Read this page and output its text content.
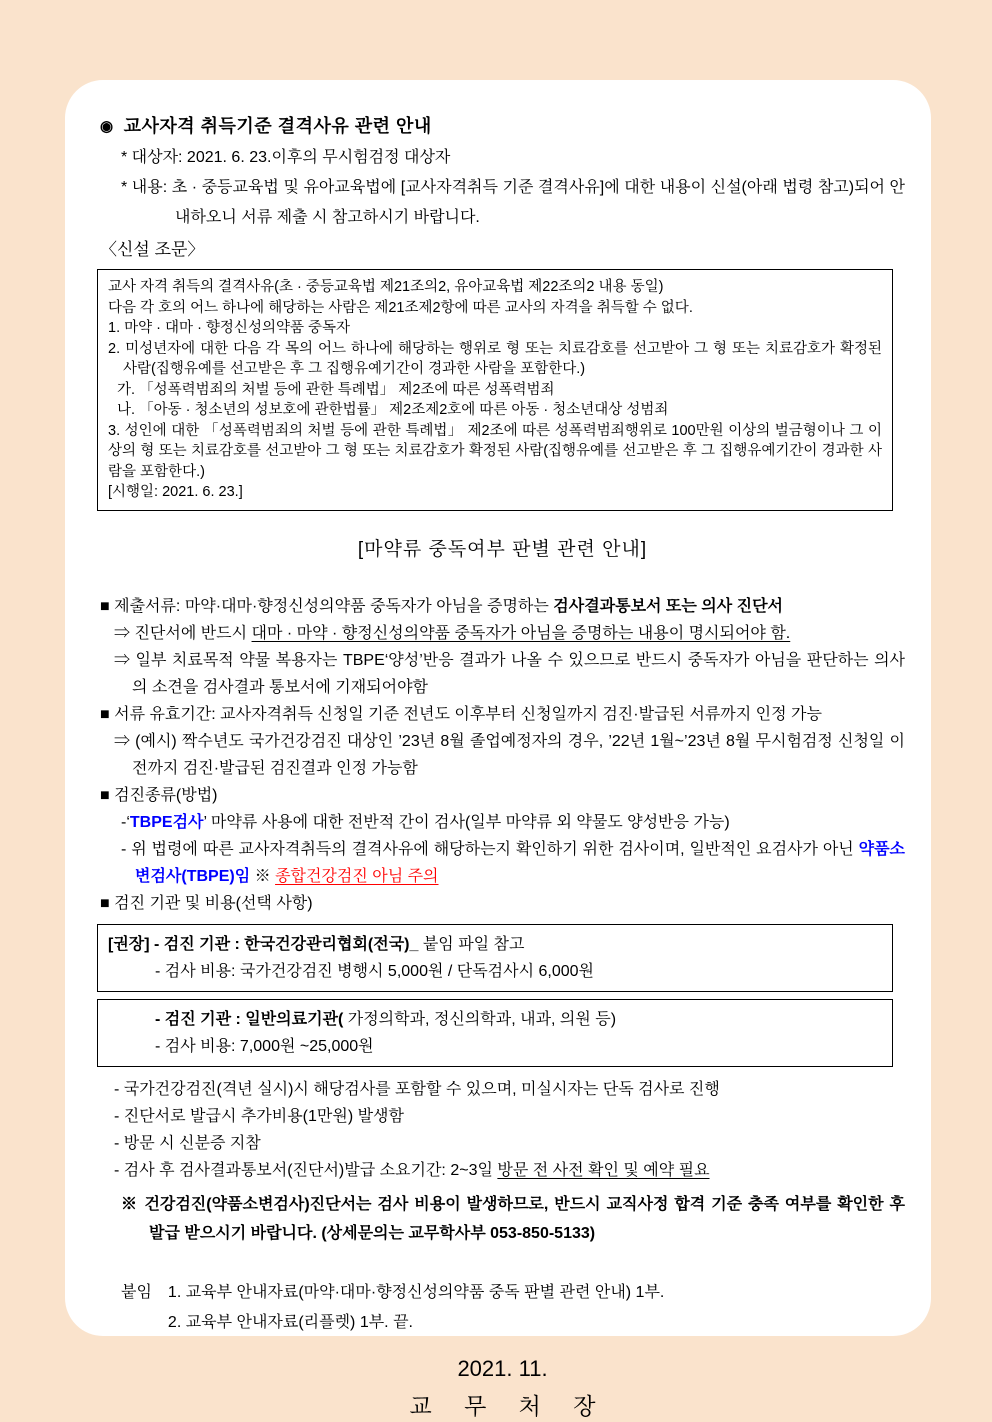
◉ 교사자격 취득기준 결격사유 관련 안내

* 대상자: 2021. 6. 23.이후의 무시험검정 대상자

* 내용: 초 · 중등교육법 및 유아교육법에 [교사자격취득 기준 결격사유]에 대한 내용이 신설(아래 법령 참고)되어 안내하오니 서류 제출 시 참고하시기 바랍니다.

〈신설 조문〉

교사 자격 취득의 결격사유(초 · 중등교육법 제21조의2, 유아교육법 제22조의2 내용 동일)

다음 각 호의 어느 하나에 해당하는 사람은 제21조제2항에 따른 교사의 자격을 취득할 수 없다.

1. 마약 · 대마 · 향정신성의약품 중독자

2. 미성년자에 대한 다음 각 목의 어느 하나에 해당하는 행위로 형 또는 치료감호를 선고받아 그 형 또는 치료감호가 확정된 사람(집행유예를 선고받은 후 그 집행유예기간이 경과한 사람을 포함한다.)

가. 「성폭력범죄의 처벌 등에 관한 특례법」 제2조에 따른 성폭력범죄

나. 「아동 · 청소년의 성보호에 관한법률」 제2조제2호에 따른 아동 · 청소년대상 성범죄

3. 성인에 대한 「성폭력범죄의 처벌 등에 관한 특례법」 제2조에 따른 성폭력범죄행위로 100만원 이상의 벌금형이나 그 이상의 형 또는 치료감호를 선고받아 그 형 또는 치료감호가 확정된 사람(집행유예를 선고받은 후 그 집행유예기간이 경과한 사람을 포함한다.)

[시행일: 2021. 6. 23.]

[마약류 중독여부 판별 관련 안내]

■ 제출서류: 마약·대마·향정신성의약품 중독자가 아님을 증명하는 검사결과통보서 또는 의사 진단서

⇒ 진단서에 반드시 대마 · 마약 · 향정신성의약품 중독자가 아님을 증명하는 내용이 명시되어야 함.

⇒ 일부 치료목적 약물 복용자는 TBPE‘양성’반응 결과가 나올 수 있으므로 반드시 중독자가 아님을 판단하는 의사의 소견을 검사결과 통보서에 기재되어야함

■ 서류 유효기간: 교사자격취득 신청일 기준 전년도 이후부터 신청일까지 검진·발급된 서류까지 인정 가능

⇒ (예시) 짝수년도 국가건강검진 대상인 ’23년 8월 졸업예정자의 경우, ’22년 1월~’23년 8월 무시험검정 신청일 이전까지 검진·발급된 검진결과 인정 가능함

■ 검진종류(방법)

-‘TBPE검사’ 마약류 사용에 대한 전반적 간이 검사(일부 마약류 외 약물도 양성반응 가능)

- 위 법령에 따른 교사자격취득의 결격사유에 해당하는지 확인하기 위한 검사이며, 일반적인 요검사가 아닌 약품소변검사(TBPE)임 ※ 종합건강검진 아님 주의

■ 검진 기관 및 비용(선택 사항)

[권장] - 검진 기관 : 한국건강관리협회(전국)_ 붙임 파일 참고

- 검사 비용: 국가건강검진 병행시 5,000원 / 단독검사시 6,000원

- 검진 기관 : 일반의료기관( 가정의학과, 정신의학과, 내과, 의원 등)

- 검사 비용: 7,000원 ~25,000원

- 국가건강검진(격년 실시)시 해당검사를 포함할 수 있으며, 미실시자는 단독 검사로 진행

- 진단서로 발급시 추가비용(1만원) 발생함

- 방문 시 신분증 지참

- 검사 후 검사결과통보서(진단서)발급 소요기간: 2~3일 방문 전 사전 확인 및 예약 필요

※ 건강검진(약품소변검사)진단서는 검사 비용이 발생하므로, 반드시 교직사정 합격 기준 충족 여부를 확인한 후 발급 받으시기 바랍니다. (상세문의는 교무학사부 053-850-5133)

붙임 1. 교육부 안내자료(마약·대마·향정신성의약품 중독 판별 관련 안내) 1부.

2. 교육부 안내자료(리플렛) 1부. 끝.

2021. 11.

교 무 처 장
